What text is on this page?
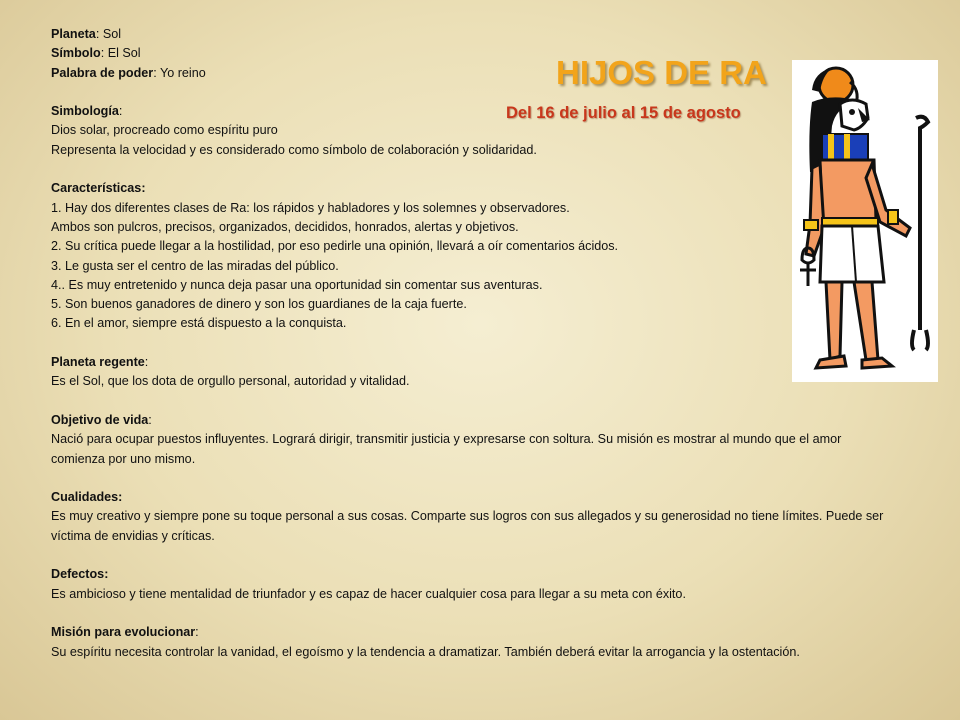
HIJOS DE RA
Del 16 de julio al 15 de agosto
Planeta: Sol
Símbolo: El Sol
Palabra de poder: Yo reino
Simbología:
Dios solar, procreado como espíritu puro
Representa la velocidad y es considerado como símbolo de colaboración y solidaridad.
Características:
1. Hay dos diferentes clases de Ra: los rápidos y habladores y los solemnes y observadores.
Ambos son pulcros, precisos, organizados, decididos, honrados, alertas y objetivos.
2. Su crítica puede llegar a la hostilidad, por eso pedirle una opinión, llevará a oír comentarios ácidos.
3. Le gusta ser el centro de las miradas del público.
4.. Es muy entretenido y nunca deja pasar una oportunidad sin comentar sus aventuras.
5. Son buenos ganadores de dinero y son los guardianes de la caja fuerte.
6. En el amor, siempre está dispuesto a la conquista.
Planeta regente:
Es el Sol, que los dota de orgullo personal, autoridad y vitalidad.
Objetivo de vida:
Nació para ocupar puestos influyentes. Logrará dirigir, transmitir justicia y expresarse con soltura. Su misión es mostrar al mundo que el amor comienza por uno mismo.
Cualidades:
Es muy creativo y siempre pone su toque personal a sus cosas. Comparte sus logros con sus allegados y su generosidad no tiene límites. Puede ser víctima de envidias y críticas.
Defectos:
Es ambicioso y tiene mentalidad de triunfador y es capaz de hacer cualquier cosa para llegar a su meta con éxito.
Misión para evolucionar:
Su espíritu necesita controlar la vanidad, el egoísmo y la tendencia a dramatizar. También deberá evitar la arrogancia y la ostentación.
